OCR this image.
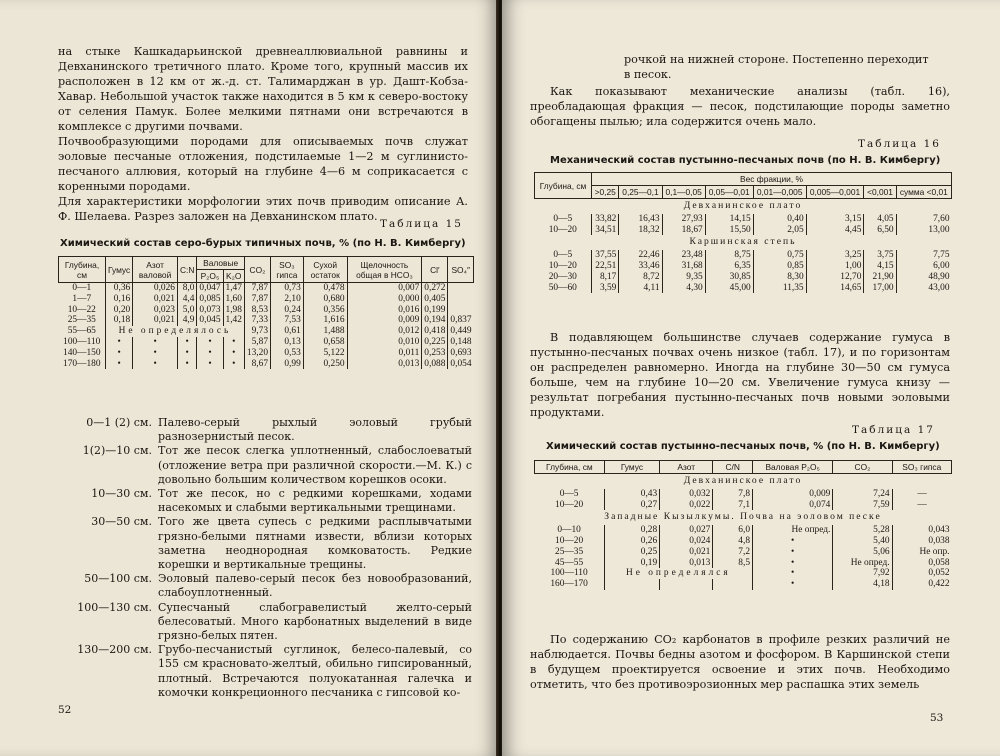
на стыке Кашкадарьинской древнеаллювиальной равнины и Девханинского третичного плато. Кроме того, крупный массив их расположен в 12 км от ж.-д. ст. Талимарджан в ур. Дашт-Кобза-Хавар. Небольшой участок также находится в 5 км к северо-востоку от селения Памук. Более мелкими пятнами они встречаются в комплексе с другими почвами.

Почвообразующими породами для описываемых почв служат эоловые песчаные отложения, подстилаемые 1—2 м суглинисто-песчаного аллювия, который на глубине 4—6 м соприкасается с коренными породами.

Для характеристики морфологии этих почв приводим описание А. Ф. Шелаева. Разрез заложен на Девханинском плато.

Таблица 15
Химический состав серо-бурых типичных почв, % (по Н. В. Кимбергу)
Глубина, см	Гумус	Азот валовой	C:N	Валовые		CO₂	SO₃ гипса	Сухой остаток	Щелочность общая в HCO₃	Cl′	SO₄″
				P₂O₅	K₂O						
0—1	0,36	0,026	8,0	0,047	1,47	7,87	0,73	0,478	0,007	0,272	
1—7	0,16	0,021	4,4	0,085	1,60	7,87	2,10	0,680	0,000	0,405	
10—22	0,20	0,023	5,0	0,073	1,98	8,53	0,24	0,356	0,016	0,199	
25—35	0,18	0,021	4,9	0,045	1,42	7,33	7,53	1,616	0,009	0,194	0,837
55—65	Не определялось					9,73	0,61	1,488	0,012	0,418	0,449
100—110	•	•	•	•	•	5,87	0,13	0,658	0,010	0,225	0,148
140—150	•	•	•	•	•	13,20	0,53	5,122	0,011	0,253	0,693
170—180	•	•	•	•	•	8,67	0,99	0,250	0,013	0,088	0,054
0—1 (2) см. Палево-серый рыхлый эоловый грубый разнозернистый песок.
1(2)—10 см. Тот же песок слегка уплотненный, слабослоеватый (отложение ветра при различной скорости.—М. К.) с довольно большим количеством корешков осоки.
10—30 см. Тот же песок, но с редкими корешками, ходами насекомых и слабыми вертикальными трещинами.
30—50 см. Того же цвета супесь с редкими расплывчатыми грязно-белыми пятнами извести, вблизи которых заметна неоднородная комковатость. Редкие корешки и вертикальные трещины.
50—100 см. Эоловый палево-серый песок без новообразований, слабоуплотненный.
100—130 см. Супесчаный слабогравелистый желто-серый белесоватый. Много карбонатных выделений в виде грязно-белых пятен.
130—200 см. Грубо-песчанистый суглинок, белесо-палевый, со 155 см красновато-желтый, обильно гипсированный, плотный. Встречаются полуокатанная галечка и комочки конкреционного песчаника с гипсовой ко-
52
рочкой на нижней стороне. Постепенно переходит
в песок.
Как показывают механические анализы (табл. 16), преобладающая фракция — песок, подстилающие породы заметно обогащены пылью; ила содержится очень мало.
Таблица 16
Механический состав пустынно-песчаных почв (по Н. В. Кимбергу)
Глубина, см	Вес фракции, %							
	>0,25	0,25—0,1	0,1—0,05	0,05—0,01	0,01—0,005	0,005—0,001	<0,001	сумма <0,01
Девханинское плато								
0—5	33,82	16,43	27,93	14,15	0,40	3,15	4,05	7,60
10—20	34,51	18,32	18,67	15,50	2,05	4,45	6,50	13,00
Каршинская степь								
0—5	37,55	22,46	23,48	8,75	0,75	3,25	3,75	7,75
10—20	22,51	33,46	31,68	6,35	0,85	1,00	4,15	6,00
20—30	8,17	8,72	9,35	30,85	8,30	12,70	21,90	48,90
50—60	3,59	4,11	4,30	45,00	11,35	14,65	17,00	43,00
В подавляющем большинстве случаев содержание гумуса в пустынно-песчаных почвах очень низкое (табл. 17), и по горизонтам он распределен равномерно. Иногда на глубине 30—50 см гумуса больше, чем на глубине 10—20 см. Увеличение гумуса книзу — результат погребания пустынно-песчаных почв новыми эоловыми продуктами.
Таблица 17
Химический состав пустынно-песчаных почв, % (по Н. В. Кимбергу)
Глубина, см	Гумус	Азот	C/N	Валовая P₂O₅	CO₂	SO₃ гипса
Девханинское плато						
0—5	0,43	0,032	7,8	0,009	7,24	—
10—20	0,27	0,022	7,1	0,074	7,59	—
Западные Кызылкумы. Почва на эоловом песке						
0—10	0,28	0,027	6,0	Не опред.	5,28	0,043
10—20	0,26	0,024	4,8	•	5,40	0,038
25—35	0,25	0,021	7,2	•	5,06	Не опр.
45—55	0,19	0,013	8,5	•	Не опред.	0,058
100—110	Не определялся			•	7,92	0,052
160—170				•	4,18	0,422
По содержанию CO₂ карбонатов в профиле резких различий не наблюдается. Почвы бедны азотом и фосфором. В Каршинской степи в будущем проектируется освоение и этих почв. Необходимо отметить, что без противоэрозионных мер распашка этих земель
53
